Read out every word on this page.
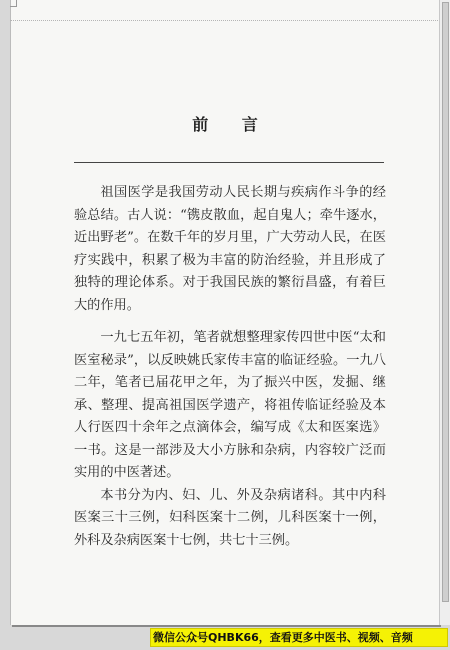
前 言

祖国医学是我国劳动人民长期与疾病作斗争的经验总结。古人说：“镌皮散血，起自鬼人；牵牛逐水，近出野老”。在数千年的岁月里，广大劳动人民，在医疗实践中，积累了极为丰富的防治经验，并且形成了独特的理论体系。对于我国民族的繁衍昌盛，有着巨大的作用。

一九七五年初，笔者就想整理家传四世中医“太和医室秘录”，以反映姚氏家传丰富的临证经验。一九八二年，笔者已届花甲之年，为了振兴中医，发掘、继承、整理、提高祖国医学遗产，将祖传临证经验及本人行医四十余年之点滴体会，编写成《太和医案选》一书。这是一部涉及大小方脉和杂病，内容较广泛而实用的中医著述。

本书分为内、妇、儿、外及杂病诸科。其中内科医案三十三例，妇科医案十二例，儿科医案十一例，外科及杂病医案十七例，共七十三例。

微信公众号QHBK66，查看更多中医书、视频、音频
